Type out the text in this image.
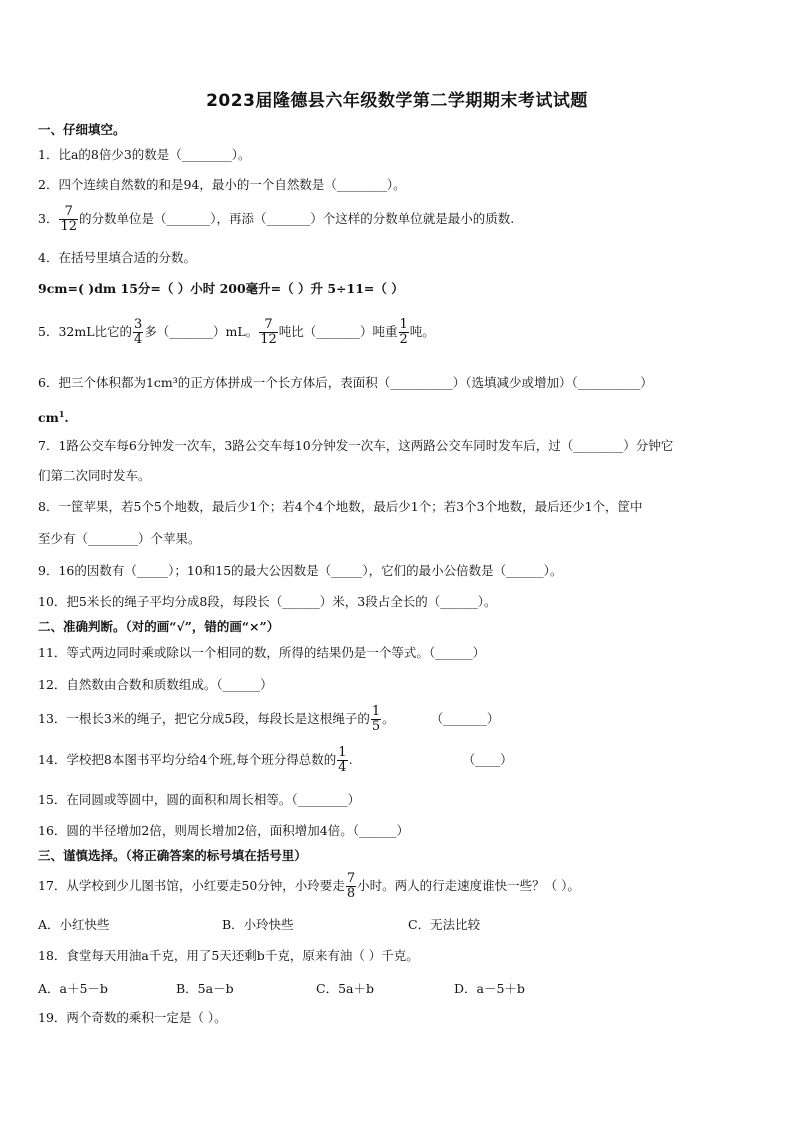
2023届隆德县六年级数学第二学期期末考试试题
一、仔细填空。
1．比a的8倍少3的数是（________）。
2．四个连续自然数的和是94，最小的一个自然数是（________）。
3． $\frac{7}{12}$ 的分数单位是（_______），再添（_______）个这样的分数单位就是最小的质数.
4．在括号里填合适的分数。
9cm=( )dm 15分=（ ）小时 200毫升=（ ）升 5÷11=（ ）
5．32mL比它的 $\frac{3}{4}$ 多（_______）mL。 $\frac{7}{12}$ 吨比（_______）吨重 $\frac{1}{2}$ 吨。
6．把三个体积都为1cm³的正方体拼成一个长方体后，表面积（__________）（选填减少或增加）（__________）
$cm^1$.
7．1路公交车每6分钟发一次车，3路公交车每10分钟发一次车，这两路公交车同时发车后，过（________）分钟它
们第二次同时发车。
8．一筐苹果，若5个5个地数，最后少1个；若4个4个地数，最后少1个；若3个3个地数，最后还少1个，筐中
至少有（________）个苹果。
9．16的因数有（_____）；10和15的最大公因数是（_____），它们的最小公倍数是（______）。
10．把5米长的绳子平均分成8段，每段长（______）米，3段占全长的（______）。
二、准确判断。（对的画“√”，错的画“×”）
11．等式两边同时乘或除以一个相同的数，所得的结果仍是一个等式。（______）
12．自然数由合数和质数组成。（______）
13．一根长3米的绳子，把它分成5段，每段长是这根绳子的 $\frac{1}{5}$ 。	（_______）
14．学校把8本图书平均分给4个班,每个班分得总数的 $\frac{1}{4}$ .	（____）
15．在同圆或等圆中，圆的面积和周长相等。（________）
16．圆的半径增加2倍，则周长增加2倍，面积增加4倍。（______）
三、谨慎选择。（将正确答案的标号填在括号里）
17．从学校到少儿图书馆，小红要走50分钟，小玲要走 $\frac{7}{8}$ 小时。两人的行走速度谁快一些？（ ）。
A．小红快些	B．小玲快些	C．无法比较
18．食堂每天用油a千克，用了5天还剩b千克，原来有油（ ）千克。
A．a＋5－b	B．5a－b	C．5a＋b	D．a－5＋b
19．两个奇数的乘积一定是（ ）。
